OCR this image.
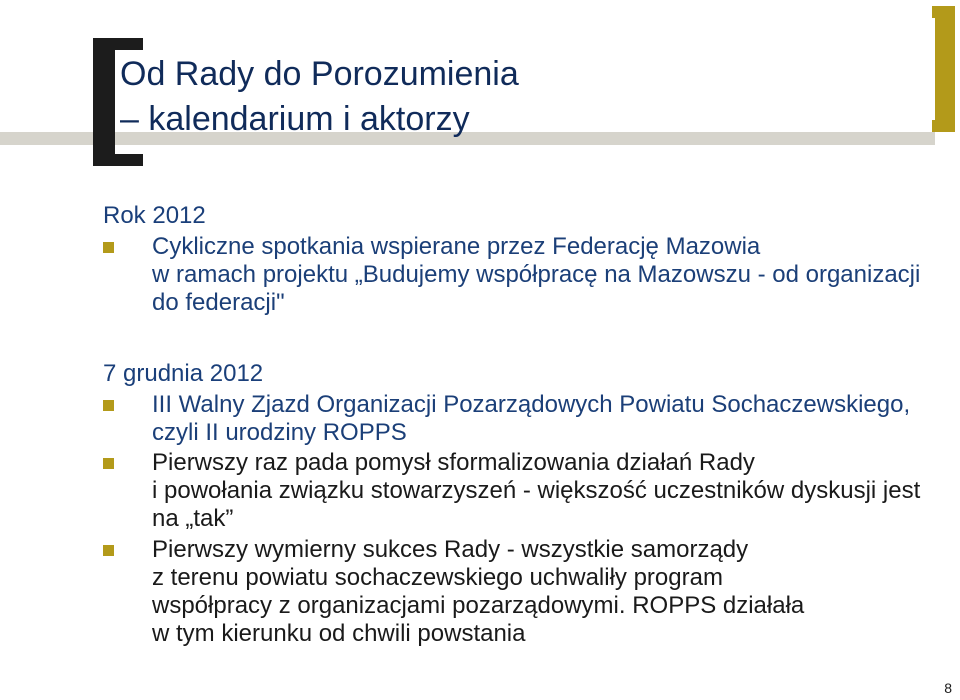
Od Rady do Porozumienia
– kalendarium i aktorzy
Rok 2012
Cykliczne spotkania wspierane przez Federację Mazowia
w ramach projektu „Budujemy współpracę na Mazowszu - od organizacji do federacji"
7 grudnia 2012
III Walny Zjazd Organizacji Pozarządowych Powiatu Sochaczewskiego, czyli II urodziny ROPPS
Pierwszy raz pada pomysł sformalizowania działań Rady
i powołania związku stowarzyszeń - większość uczestników dyskusji jest na „tak”
Pierwszy wymierny sukces Rady - wszystkie samorządy
z terenu powiatu sochaczewskiego uchwaliły program
współpracy z organizacjami pozarządowymi. ROPPS działała
w tym kierunku od chwili powstania
8
